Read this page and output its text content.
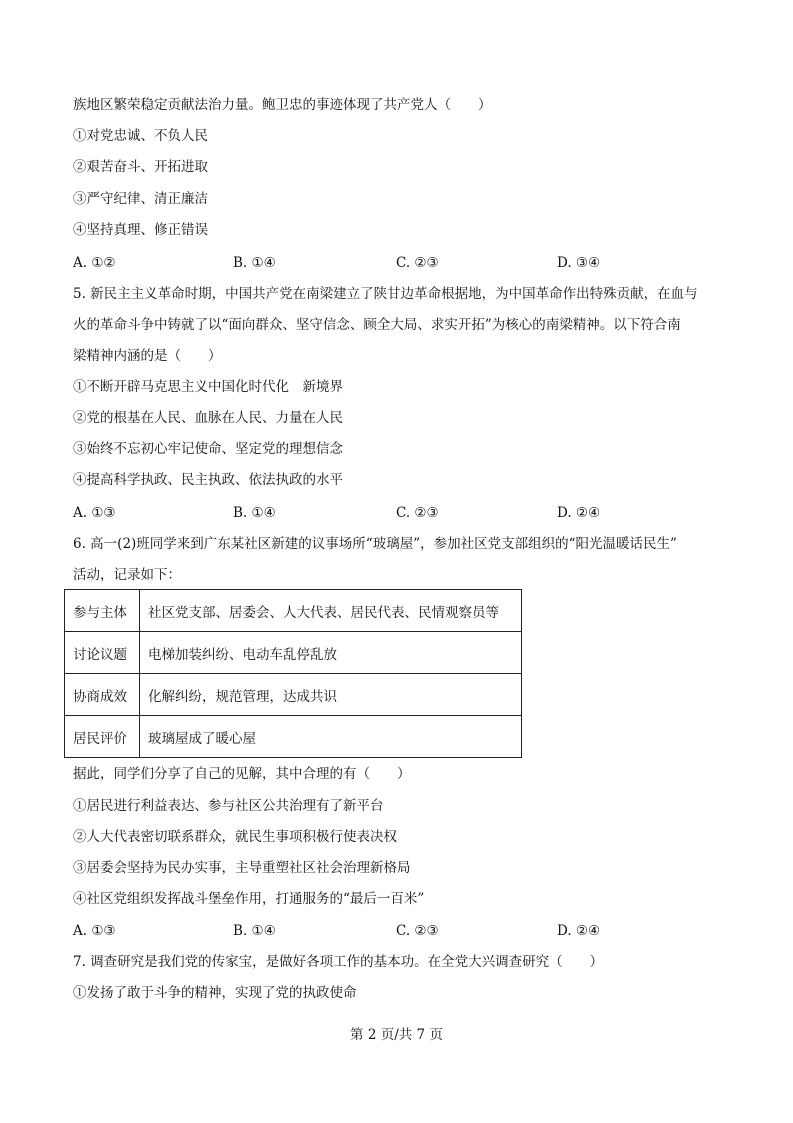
族地区繁荣稳定贡献法治力量。鲍卫忠的事迹体现了共产党人（　　）
①对党忠诚、不负人民
②艰苦奋斗、开拓进取
③严守纪律、清正廉洁
④坚持真理、修正错误
A. ①②	B. ①④	C. ②③	D. ③④
5. 新民主主义革命时期，中国共产党在南梁建立了陕甘边革命根据地，为中国革命作出特殊贡献，在血与
火的革命斗争中铸就了以“面向群众、坚守信念、顾全大局、求实开拓”为核心的南梁精神。以下符合南
梁精神内涵的是（　　）
①不断开辟马克思主义中国化时代化　新境界
②党的根基在人民、血脉在人民、力量在人民
③始终不忘初心牢记使命、坚定党的理想信念
④提高科学执政、民主执政、依法执政的水平
A. ①③	B. ①④	C. ②③	D. ②④
6. 高一(2)班同学来到广东某社区新建的议事场所“玻璃屋”，参加社区党支部组织的“阳光温暖话民生”
活动，记录如下：
参与主体	社区党支部、居委会、人大代表、居民代表、民情观察员等
讨论议题	电梯加装纠纷、电动车乱停乱放
协商成效	化解纠纷，规范管理，达成共识
居民评价	玻璃屋成了暖心屋
据此，同学们分享了自己的见解，其中合理的有（　　）
①居民进行利益表达、参与社区公共治理有了新平台
②人大代表密切联系群众，就民生事项积极行使表决权
③居委会坚持为民办实事，主导重塑社区社会治理新格局
④社区党组织发挥战斗堡垒作用，打通服务的“最后一百米”
A. ①③	B. ①④	C. ②③	D. ②④
7. 调查研究是我们党的传家宝，是做好各项工作的基本功。在全党大兴调查研究（　　）
①发扬了敢于斗争的精神，实现了党的执政使命
第 2 页/共 7 页
